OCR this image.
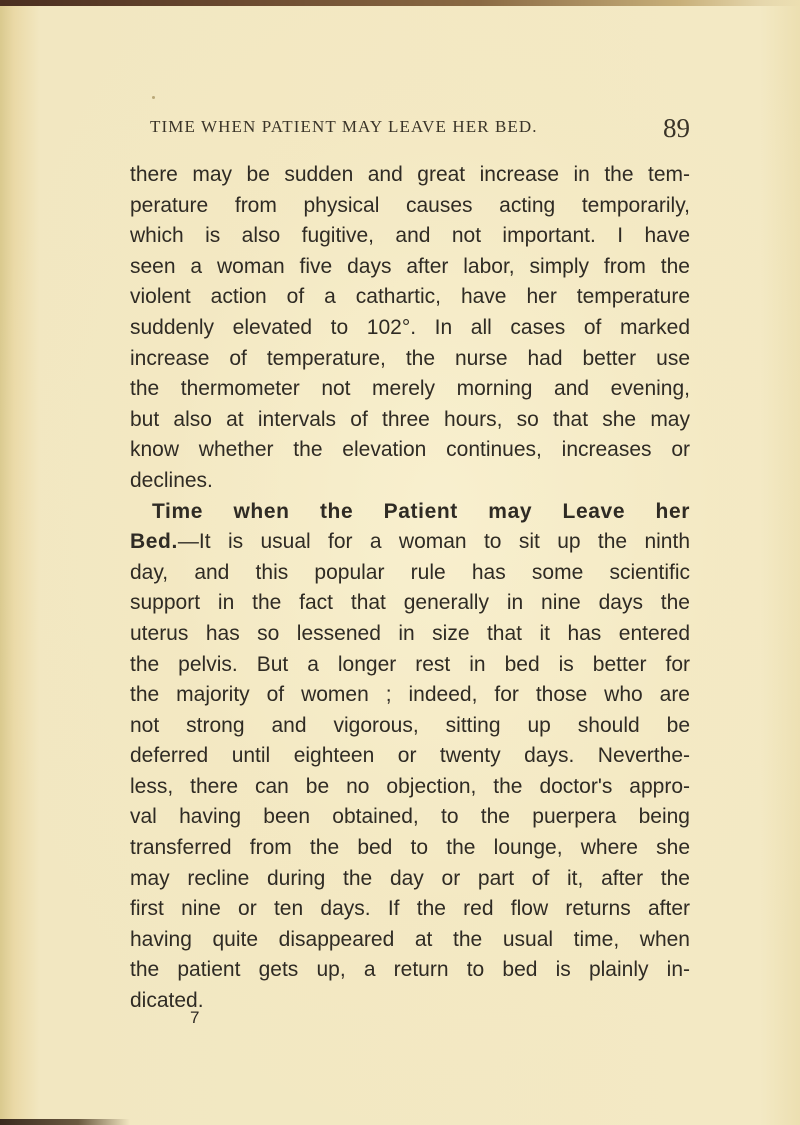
TIME WHEN PATIENT MAY LEAVE HER BED.	89
there may be sudden and great increase in the tem-
perature from physical causes acting temporarily,
which is also fugitive, and not important. I have
seen a woman five days after labor, simply from the
violent action of a cathartic, have her temperature
suddenly elevated to 102°. In all cases of marked
increase of temperature, the nurse had better use
the thermometer not merely morning and evening,
but also at intervals of three hours, so that she may
know whether the elevation continues, increases or
declines.
Time when the Patient may Leave her
Bed.—It is usual for a woman to sit up the ninth
day, and this popular rule has some scientific
support in the fact that generally in nine days the
uterus has so lessened in size that it has entered
the pelvis. But a longer rest in bed is better for
the majority of women ; indeed, for those who are
not strong and vigorous, sitting up should be
deferred until eighteen or twenty days. Neverthe-
less, there can be no objection, the doctor's appro-
val having been obtained, to the puerpera being
transferred from the bed to the lounge, where she
may recline during the day or part of it, after the
first nine or ten days. If the red flow returns after
having quite disappeared at the usual time, when
the patient gets up, a return to bed is plainly in-
dicated.
7
